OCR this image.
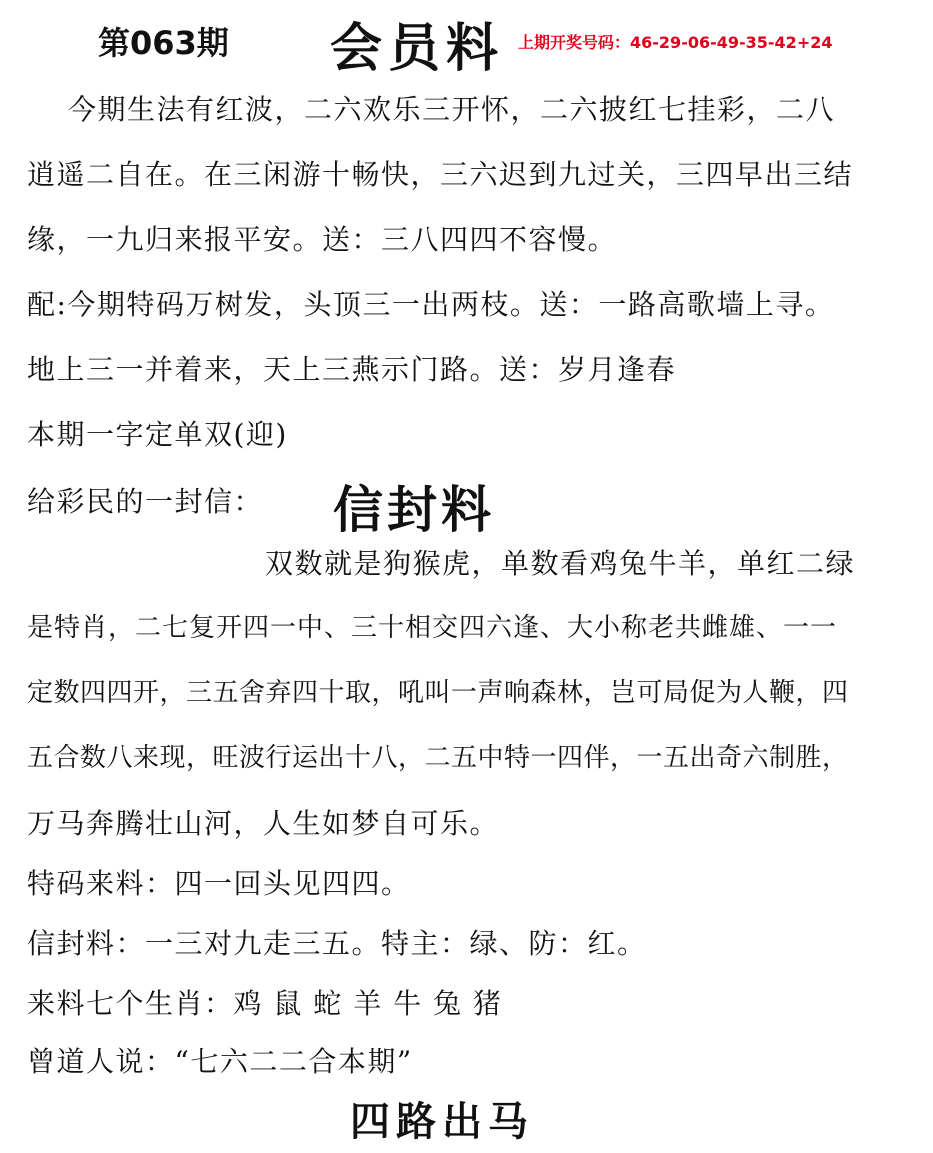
第063期 会员料 上期开奖号码：46-29-06-49-35-42+24
今期生法有红波，二六欢乐三开怀，二六披红七挂彩，二八
逍遥二自在。在三闲游十畅快，三六迟到九过关，三四早出三结
缘，一九归来报平安。送：三八四四不容慢。
配:今期特码万树发，头顶三一出两枝。送：一路高歌墙上寻。
地上三一并着来，天上三燕示门路。送：岁月逢春
本期一字定单双(迎)
给彩民的一封信： 信封料
双数就是狗猴虎，单数看鸡兔牛羊，单红二绿
是特肖，二七复开四一中、三十相交四六逢、大小称老共雌雄、一一
定数四四开，三五舍弃四十取，吼叫一声响森林，岂可局促为人鞭，四
五合数八来现，旺波行运出十八，二五中特一四伴，一五出奇六制胜，
万马奔腾壮山河，人生如梦自可乐。
特码来料：四一回头见四四。
信封料：一三对九走三五。特主：绿、防：红。
来料七个生肖：鸡 鼠 蛇 羊 牛 兔 猪
曾道人说：“七六二二合本期”
四路出马
